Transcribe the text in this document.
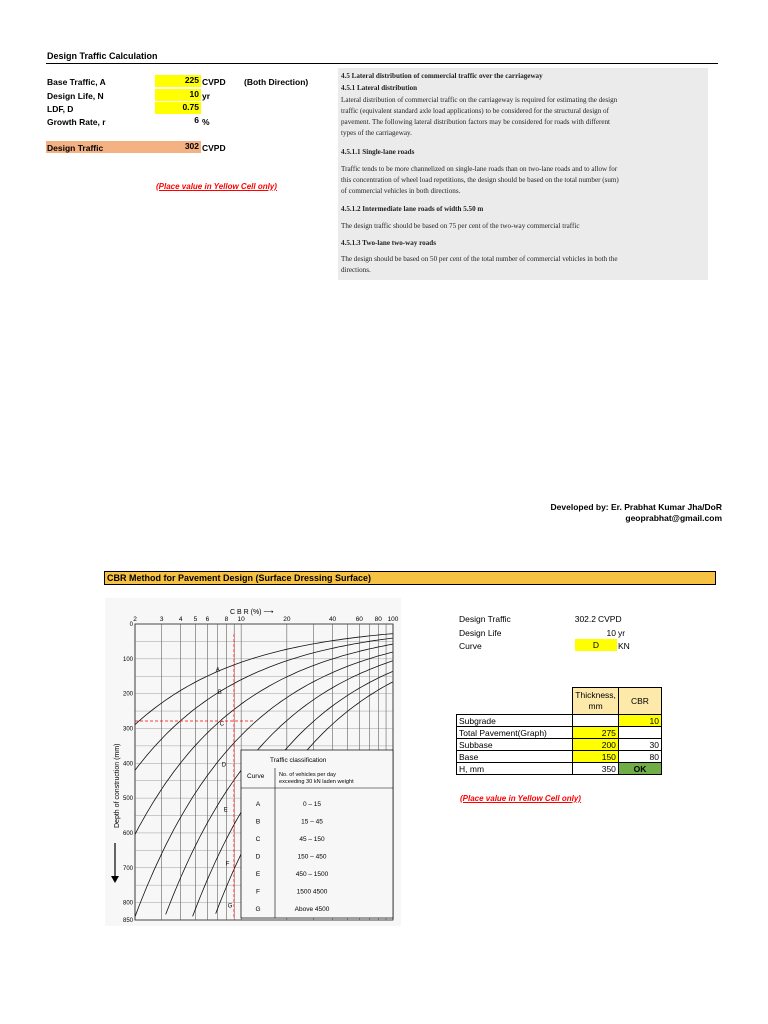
Design Traffic Calculation
Base Traffic, A	225 CVPD (Both Direction)
Design Life, N	10 yr
LDF, D	0.75
Growth Rate, r	6 %
Design Traffic	302 CVPD
(Place value in Yellow Cell only)
4.5 Lateral distribution of commercial traffic over the carriageway
4.5.1 Lateral distribution
Lateral distribution of commercial traffic on the carriageway is required for estimating the design
traffic (equivalent standard axle load applications) to be considered for the structural design of
pavement. The following lateral distribution factors may be considered for roads with different
types of the carriageway.
4.5.1.1 Single-lane roads
Traffic tends to be more channelized on single-lane roads than on two-lane roads and to allow for
this concentration of wheel load repetitions, the design should be based on the total number (sum)
of commercial vehicles in both directions.
4.5.1.2 Intermediate lane roads of width 5.50 m
The design traffic should be based on 75 per cent of the two-way commercial traffic
4.5.1.3 Two-lane two-way roads
The design should be based on 50 per cent of the total number of commercial vehicles in both the
directions.
Developed by: Er. Prabhat Kumar Jha/DoR
geoprabhat@gmail.com
CBR Method for Pavement Design (Surface Dressing Surface)
C B R (%) ⟶
2	3 4 5 6 8 10	20	40	60 80 100
0
100
200
300
400
500
600
700
800
850
Depth of construction (mm)
A
B
C
D
E
F
G
Traffic classification
Curve	No. of vehicles per day
exceeding 30 kN laden weight
A	0 – 15
B	15 – 45
C	45 – 150
D	150 – 450
E	450 – 1500
F	1500 4500
G	Above 4500
Design Traffic	302.2 CVPD
Design Life	10 yr
Curve	D	KN
	Thickness, mm	CBR
Subgrade		10
Total Pavement(Graph)	275	
Subbase	200	30
Base	150	80
H, mm	350	OK
(Place value in Yellow Cell only)
